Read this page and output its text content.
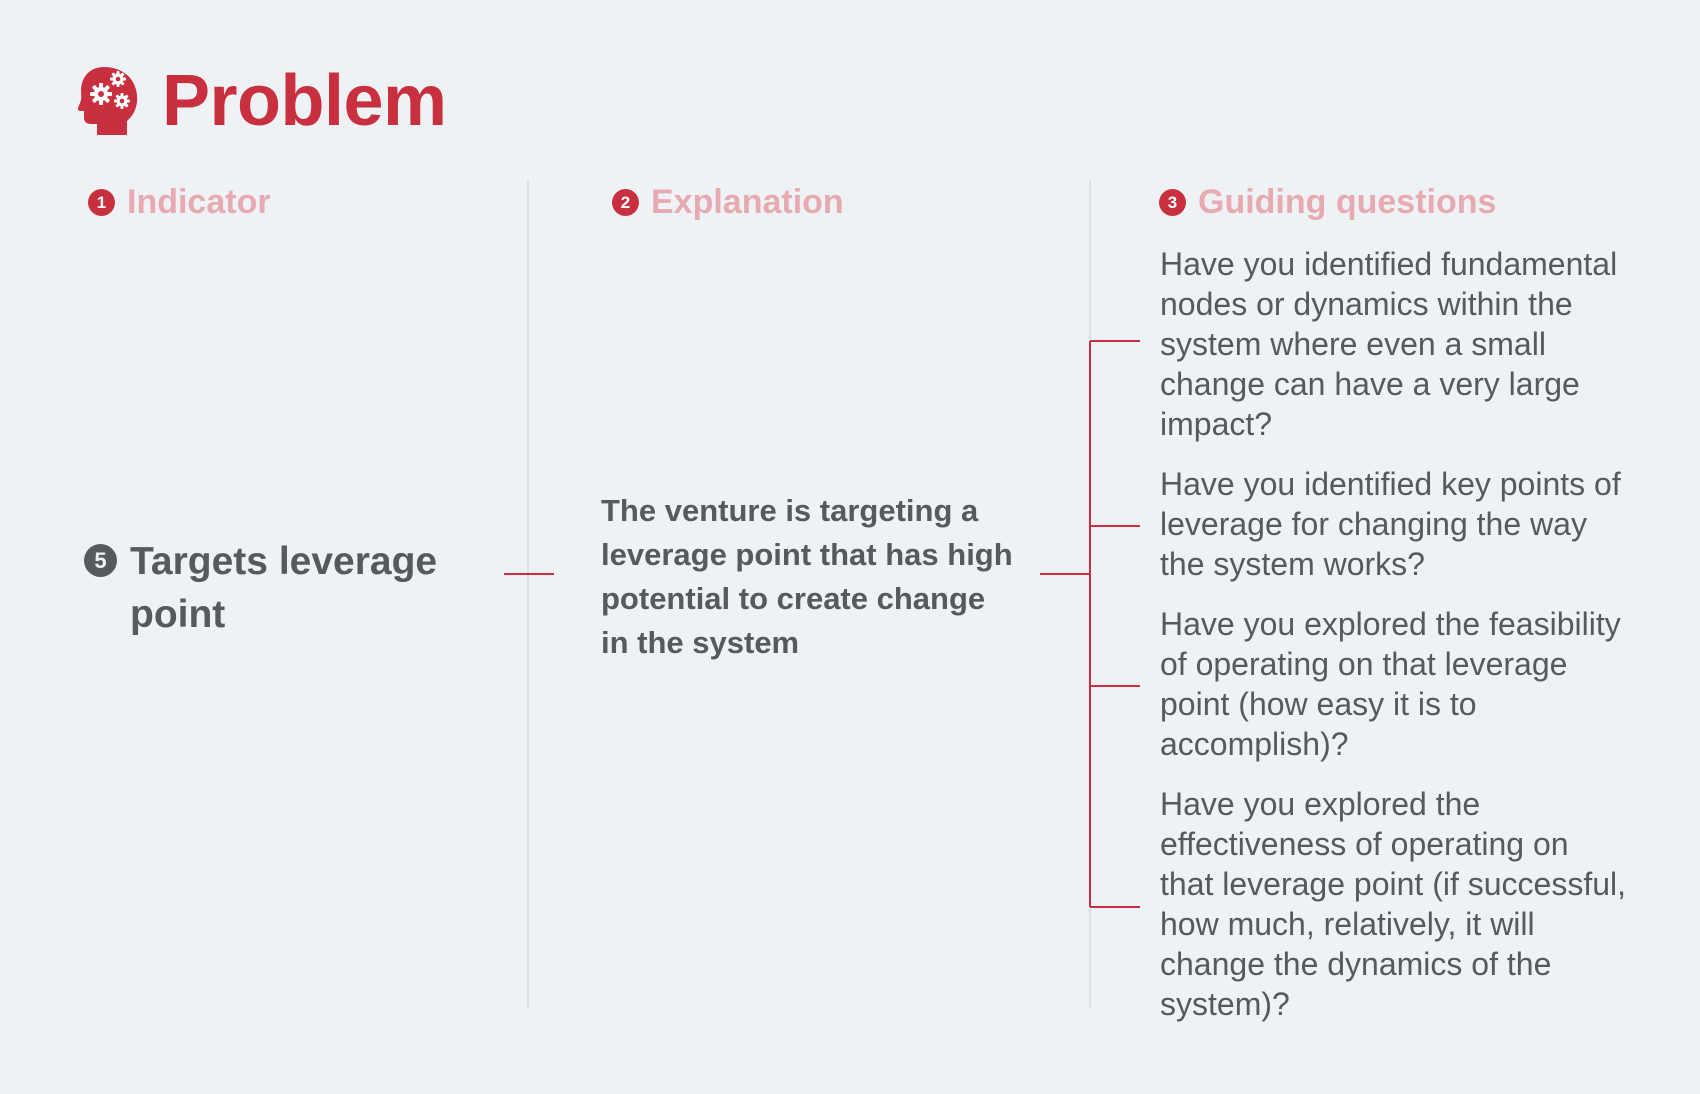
Problem
1 Indicator	2 Explanation	3 Guiding questions
5 Targets leverage point
The venture is targeting a leverage point that has high potential to create change in the system
Have you identified fundamental nodes or dynamics within the system where even a small change can have a very large impact?
Have you identified key points of leverage for changing the way the system works?
Have you explored the feasibility of operating on that leverage point (how easy it is to accomplish)?
Have you explored the effectiveness of operating on that leverage point (if successful, how much, relatively, it will change the dynamics of the system)?
